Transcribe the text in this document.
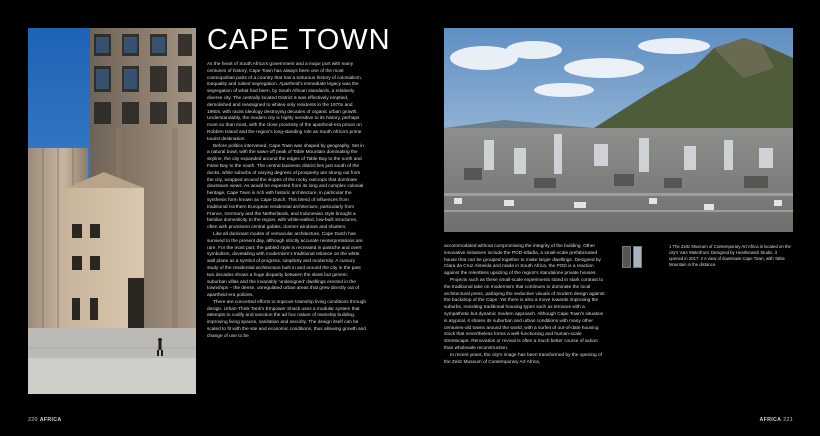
CAPE TOWN

As the heart of South Africa's government and a major port with many centuries of history, Cape Town has always been one of the most cosmopolitan parts of a country that has a torturous history of colonialism, inequality and naked segregation. Apartheid's immediate legacy was the segregation of what had been, by South African standards, a relatively diverse city. The centrally located District 6 was effectively emptied, demolished and reassigned to whites-only residents in the 1970s and 1980s, with racist ideology destroying decades of organic urban growth. Understandably, the modern city is highly sensitive to its history, perhaps more so than most, with the close proximity of the apartheid-era prison on Robben Island and the region's long-standing role as South Africa's prime tourist destination.

Before politics intervened, Cape Town was shaped by geography. Set in a natural bowl, with the sawn-off peak of Table Mountain dominating the skyline, the city expanded around the edges of Table Bay to the north and False Bay to the south. The central business district lies just south of the docks, while suburbs of varying degrees of prosperity are strung out from the city, wrapped around the slopes of the rocky outcrops that dominate downtown views. As would be expected from its long and complex colonial heritage, Cape Town is rich with historic architecture, in particular the synthesis form known as Cape Dutch. This blend of influences from traditional northern European residential architecture, particularly from France, Germany and the Netherlands, and Indonesian style brought a familiar domesticity to the region, with white-walled, low-built structures, often with prominent central gables, dormer windows and shutters.

Like all dominant modes of vernacular architecture, Cape Dutch has survived to the present day, although strictly accurate reinterpretations are rare. For the most part, the gabled style is recreated in pastiche and overt symbolism, dovetailing with modernism's traditional reliance on the white wall plane as a symbol of progress, simplicity and modernity. A cursory study of the residential architecture built in and around the city in the past two decades shows a huge disparity between the sleek but generic suburban villas and the invariably 'undesigned' dwellings erected in the townships – the dense, unregulated urban areas that grew directly out of apartheid-era policies.

There are concerted efforts to improve township living conditions through design. Urban-Think Tank's Empower Shack uses a modular system that attempts to codify and sanction the ad hoc nature of township building, improving living spaces, sanitation and security. The design itself can be scaled to fit with the site and economic conditions, thus allowing growth and change of use to be

accommodated without compromising the integrity of the building. Other innovative initiatives include the POD-Idladla, a small-scale prefabricated house that can be grouped together to make larger dwellings. Designed by Clara da Cruz Almeida and made in South Africa, the POD is a reaction against the relentless upsizing of the region's standalone private houses.

Projects such as these small-scale experiments stand in stark contrast to the traditional take on modernism that continues to dominate the local architectural press, parlaying the seductive visuals of modern design against the backdrop of the Cape. Yet there is also a move towards improving the suburbs, revisiting traditional housing types such as terraces with a sympathetic but dynamic modern approach. Although Cape Town's situation is atypical, it shares its suburban and urban conditions with many other centuries-old towns around the world, with a surfeit of out-of-date housing stock that nevertheless forms a well-functioning and human-scale streetscape. Renovation or revival is often a much better course of action than wholesale reconstruction.

In recent years, the city's image has been transformed by the opening of the Zeitz Museum of Contemporary Art Africa,

1 The Zeitz Museum of Contemporary Art Africa is located on the city's V&A Waterfront. Designed by Heatherwick Studio, it opened in 2017. 2 A view of downtown Cape Town, with Table Mountain in the distance.
220 AFRICA	AFRICA 221
